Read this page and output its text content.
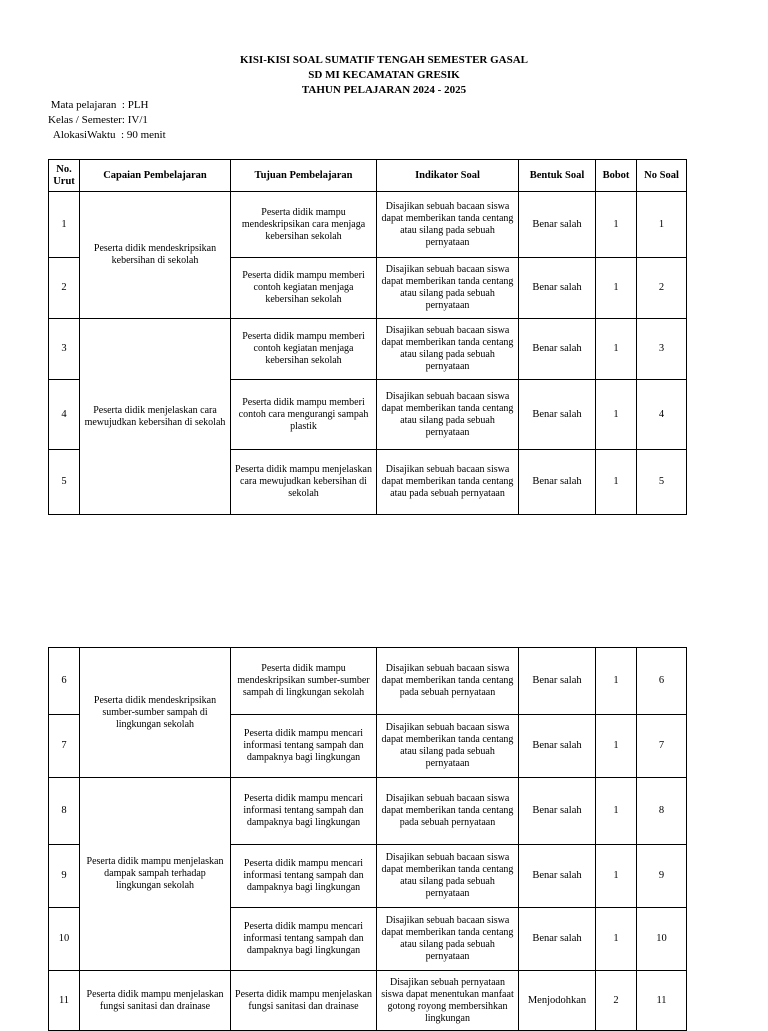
KISI-KISI SOAL SUMATIF TENGAH SEMESTER GASAL
SD MI KECAMATAN GRESIK
TAHUN PELAJARAN 2024 - 2025
Mata pelajaran  : PLH
Kelas / Semester: IV/1
AlokasiWaktu  : 90 menit
No. Urut	Capaian Pembelajaran	Tujuan Pembelajaran	Indikator Soal	Bentuk Soal	Bobot	No Soal
1	Peserta didik mendeskripsikan kebersihan di sekolah	Peserta didik mampu mendeskripsikan cara menjaga kebersihan sekolah	Disajikan sebuah bacaan siswa dapat memberikan tanda centang atau silang pada sebuah pernyataan	Benar salah	1	1
2		Peserta didik mampu memberi contoh kegiatan menjaga kebersihan sekolah	Disajikan sebuah bacaan siswa dapat memberikan tanda centang atau silang pada sebuah pernyataan	Benar salah	1	2
3	Peserta didik menjelaskan cara mewujudkan kebersihan di sekolah	Peserta didik mampu memberi contoh kegiatan menjaga kebersihan sekolah	Disajikan sebuah bacaan siswa dapat memberikan tanda centang atau silang pada sebuah pernyataan	Benar salah	1	3
4		Peserta didik mampu memberi contoh cara mengurangi sampah plastik	Disajikan sebuah bacaan siswa dapat memberikan tanda centang atau silang pada sebuah pernyataan	Benar salah	1	4
5		Peserta didik mampu menjelaskan cara mewujudkan kebersihan di sekolah	Disajikan sebuah bacaan siswa dapat memberikan tanda centang atau pada sebuah pernyataan	Benar salah	1	5
6	Peserta didik mendeskripsikan sumber-sumber sampah di lingkungan sekolah	Peserta didik mampu mendeskripsikan sumber-sumber sampah di lingkungan sekolah	Disajikan sebuah bacaan siswa dapat memberikan tanda centang pada sebuah pernyataan	Benar salah	1	6
7		Peserta didik mampu mencari informasi tentang sampah dan dampaknya bagi lingkungan	Disajikan sebuah bacaan siswa dapat memberikan tanda centang atau silang pada sebuah pernyataan	Benar salah	1	7
8	Peserta didik mampu menjelaskan dampak sampah terhadap lingkungan sekolah	Peserta didik mampu mencari informasi tentang sampah dan dampaknya bagi lingkungan	Disajikan sebuah bacaan siswa dapat memberikan tanda centang pada sebuah pernyataan	Benar salah	1	8
9		Peserta didik mampu mencari informasi tentang sampah dan dampaknya bagi lingkungan	Disajikan sebuah bacaan siswa dapat memberikan tanda centang atau silang pada sebuah pernyataan	Benar salah	1	9
10		Peserta didik mampu mencari informasi tentang sampah dan dampaknya bagi lingkungan	Disajikan sebuah bacaan siswa dapat memberikan tanda centang atau silang pada sebuah pernyataan	Benar salah	1	10
11	Peserta didik mampu menjelaskan fungsi sanitasi dan drainase	Peserta didik mampu menjelaskan fungsi sanitasi dan drainase	Disajikan sebuah pernyataan siswa dapat menentukan manfaat gotong royong membersihkan lingkungan	Menjodohkan	2	11
